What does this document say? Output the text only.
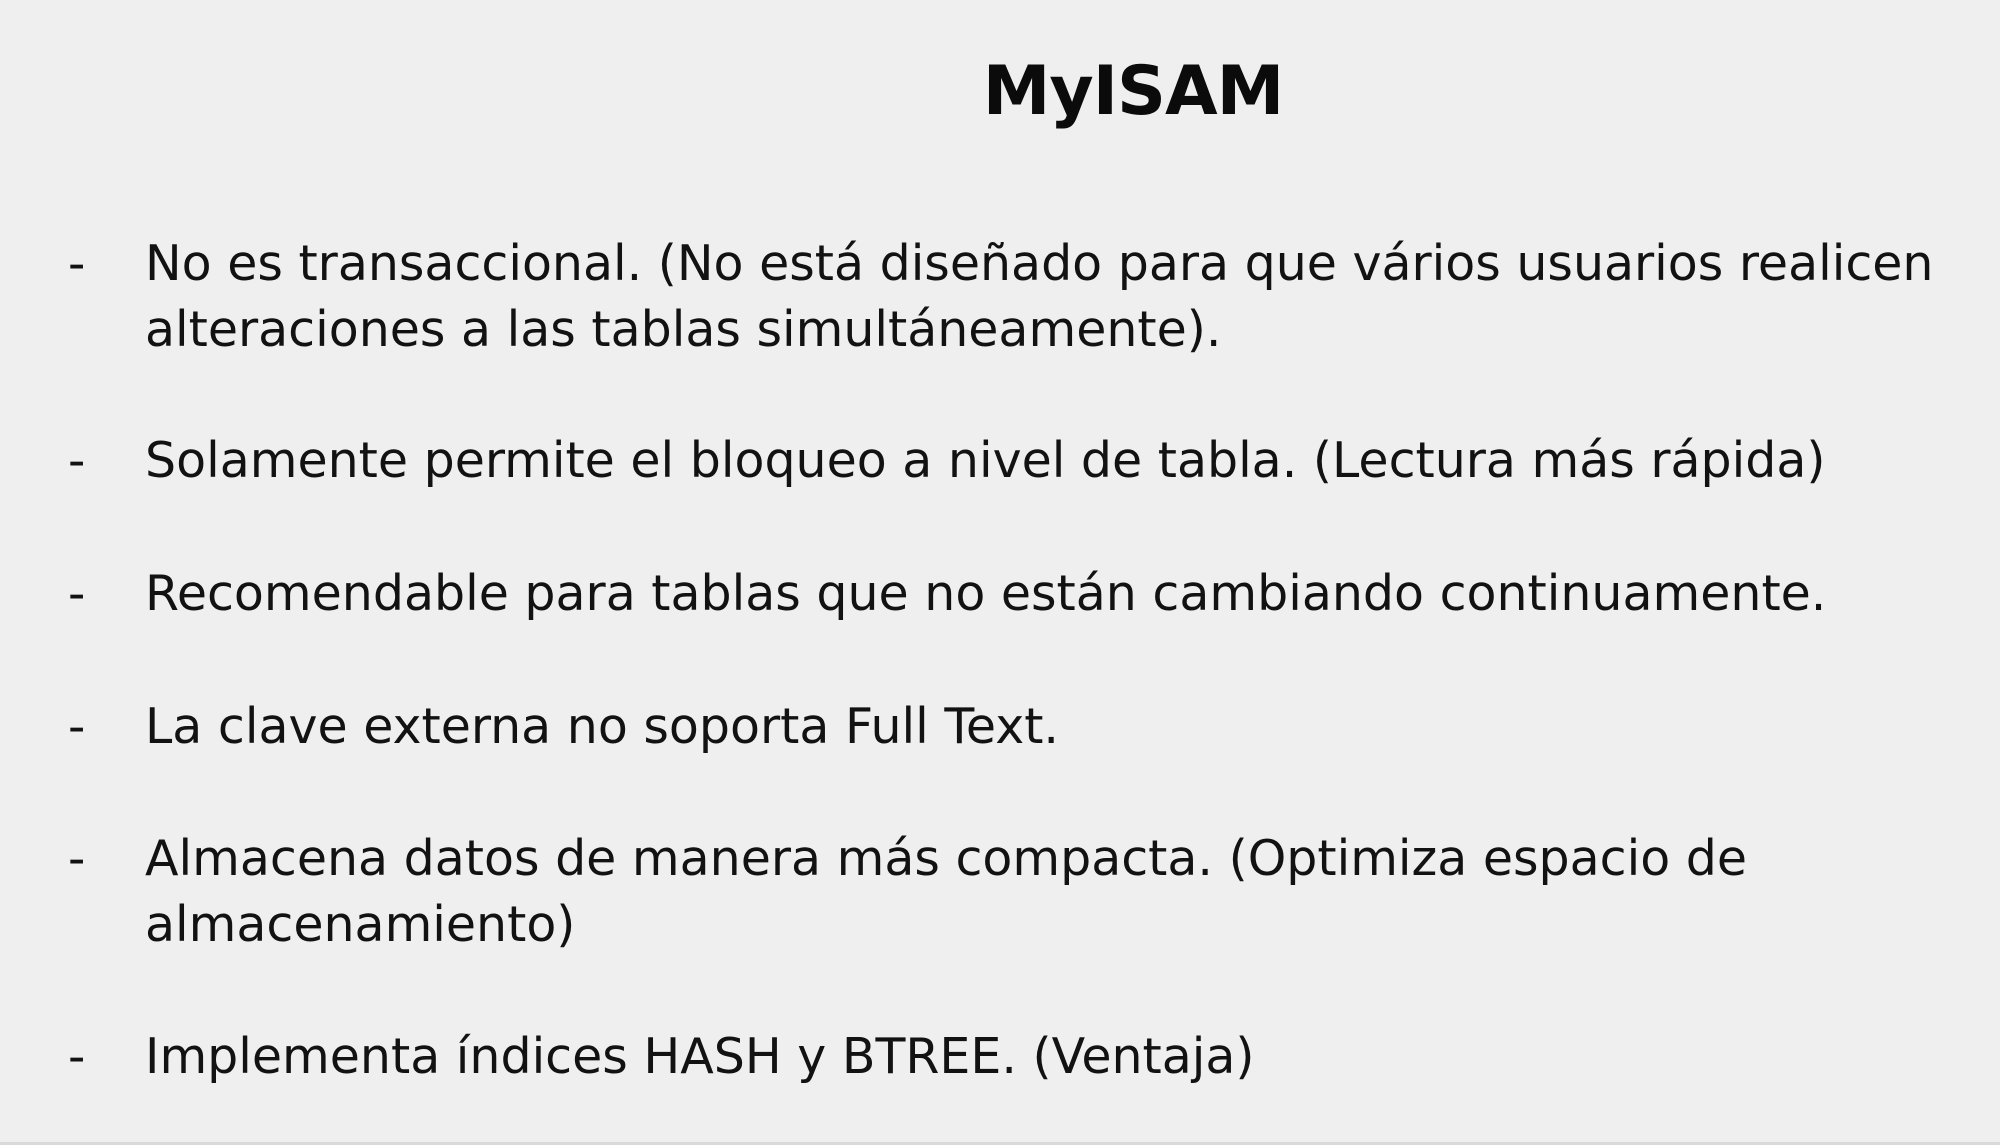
MyISAM
- No es transaccional. (No está diseñado para que vários usuarios realicen
alteraciones a las tablas simultáneamente).
- Solamente permite el bloqueo a nivel de tabla. (Lectura más rápida)
- Recomendable para tablas que no están cambiando continuamente.
- La clave externa no soporta Full Text.
- Almacena datos de manera más compacta. (Optimiza espacio de
almacenamiento)
- Implementa índices HASH y BTREE. (Ventaja)
